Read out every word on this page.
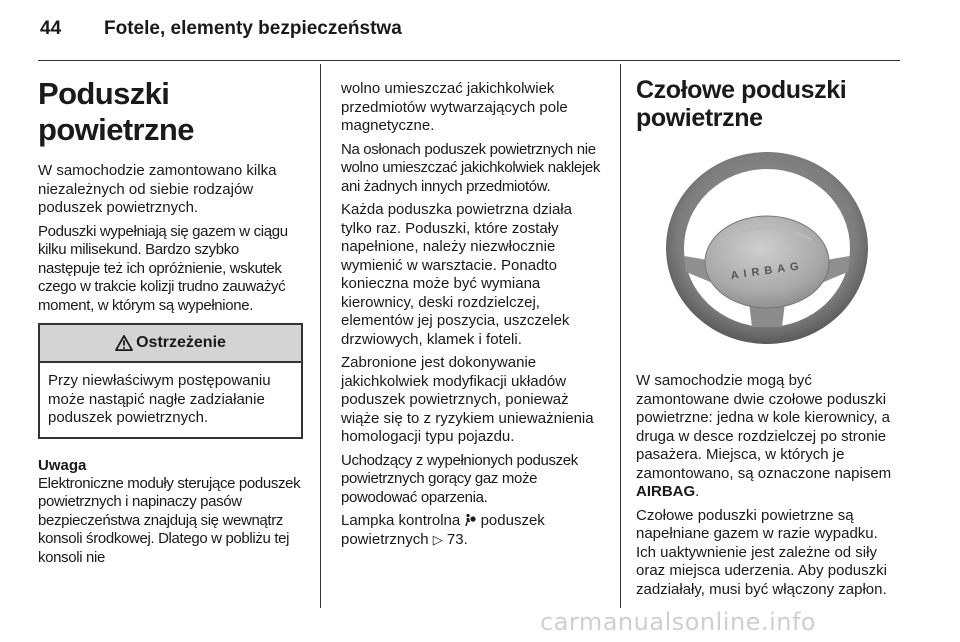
44	Fotele, elementy bezpieczeństwa
Poduszki powietrzne

W samochodzie zamontowano kilka niezależnych od siebie rodzajów poduszek powietrznych.

Poduszki wypełniają się gazem w ciągu kilku milisekund. Bardzo szybko następuje też ich opróżnienie, wskutek czego w trakcie kolizji trudno zauważyć moment, w którym są wypełnione.

Ostrzeżenie
Przy niewłaściwym postępowaniu może nastąpić nagłe zadziałanie poduszek powietrznych.
Uwaga

Elektroniczne moduły sterujące poduszek powietrznych i napinaczy pasów bezpieczeństwa znajdują się wewnątrz konsoli środkowej. Dlatego w pobliżu tej konsoli nie

wolno umieszczać jakichkolwiek przedmiotów wytwarzających pole magnetyczne.

Na osłonach poduszek powietrznych nie wolno umieszczać jakichkolwiek naklejek ani żadnych innych przedmiotów.

Każda poduszka powietrzna działa tylko raz. Poduszki, które zostały napełnione, należy niezwłocznie wymienić w warsztacie. Ponadto konieczna może być wymiana kierownicy, deski rozdzielczej, elementów jej poszycia, uszczelek drzwiowych, klamek i foteli.

Zabronione jest dokonywanie jakichkolwiek modyfikacji układów poduszek powietrznych, ponieważ wiąże się to z ryzykiem unieważnienia homologacji typu pojazdu.

Uchodzący z wypełnionych poduszek powietrznych gorący gaz może powodować oparzenia.

Lampka kontrolna poduszek powietrznych ▷ 73.

Czołowe poduszki powietrzne
AIRBAG

W samochodzie mogą być zamontowane dwie czołowe poduszki powietrzne: jedna w kole kierownicy, a druga w desce rozdzielczej po stronie pasażera. Miejsca, w których je zamontowano, są oznaczone napisem AIRBAG.

Czołowe poduszki powietrzne są napełniane gazem w razie wypadku. Ich uaktywnienie jest zależne od siły oraz miejsca uderzenia. Aby poduszki zadziałały, musi być włączony zapłon.

carmanualsonline.info
